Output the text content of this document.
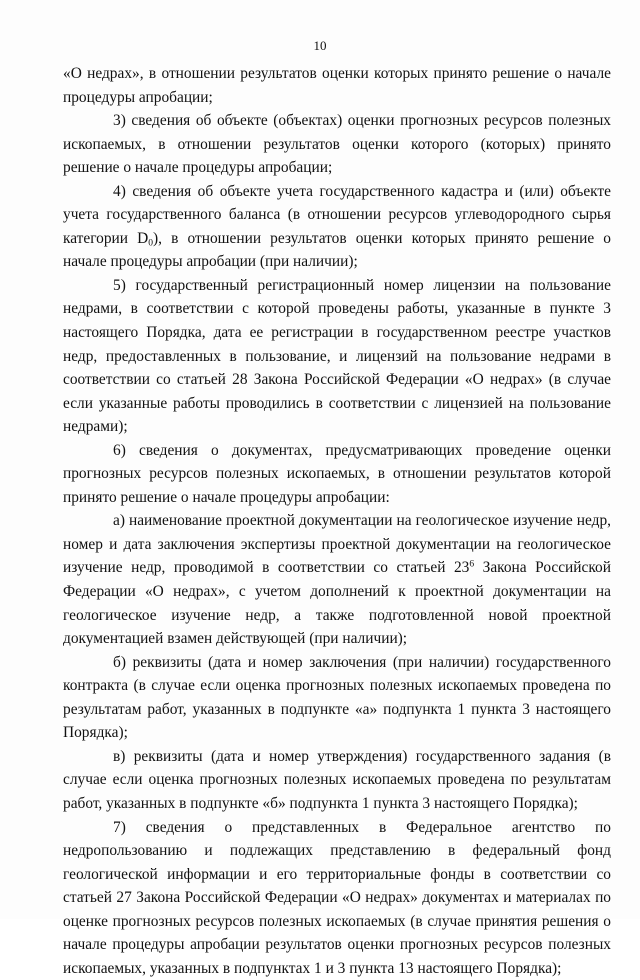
10

«О недрах», в отношении результатов оценки которых принято решение о начале процедуры апробации;

3) сведения об объекте (объектах) оценки прогнозных ресурсов полезных ископаемых, в отношении результатов оценки которого (которых) принято решение о начале процедуры апробации;

4) сведения об объекте учета государственного кадастра и (или) объекте учета государственного баланса (в отношении ресурсов углеводородного сырья категории $D_0$), в отношении результатов оценки которых принято решение о начале процедуры апробации (при наличии);

5) государственный регистрационный номер лицензии на пользование недрами, в соответствии с которой проведены работы, указанные в пункте 3 настоящего Порядка, дата ее регистрации в государственном реестре участков недр, предоставленных в пользование, и лицензий на пользование недрами в соответствии со статьей 28 Закона Российской Федерации «О недрах» (в случае если указанные работы проводились в соответствии с лицензией на пользование недрами);

6) сведения о документах, предусматривающих проведение оценки прогнозных ресурсов полезных ископаемых, в отношении результатов которой принято решение о начале процедуры апробации:

а) наименование проектной документации на геологическое изучение недр, номер и дата заключения экспертизы проектной документации на геологическое изучение недр, проводимой в соответствии со статьей $23^6$ Закона Российской Федерации «О недрах», с учетом дополнений к проектной документации на геологическое изучение недр, а также подготовленной новой проектной документацией взамен действующей (при наличии);

б) реквизиты (дата и номер заключения (при наличии) государственного контракта (в случае если оценка прогнозных полезных ископаемых проведена по результатам работ, указанных в подпункте «а» подпункта 1 пункта 3 настоящего Порядка);

в) реквизиты (дата и номер утверждения) государственного задания (в случае если оценка прогнозных полезных ископаемых проведена по результатам работ, указанных в подпункте «б» подпункта 1 пункта 3 настоящего Порядка);

7) сведения о представленных в Федеральное агентство по недропользованию и подлежащих представлению в федеральный фонд геологической информации и его территориальные фонды в соответствии со статьей 27 Закона Российской Федерации «О недрах» документах и материалах по оценке прогнозных ресурсов полезных ископаемых (в случае принятия решения о начале процедуры апробации результатов оценки прогнозных ресурсов полезных ископаемых, указанных в подпунктах 1 и 3 пункта 13 настоящего Порядка);
